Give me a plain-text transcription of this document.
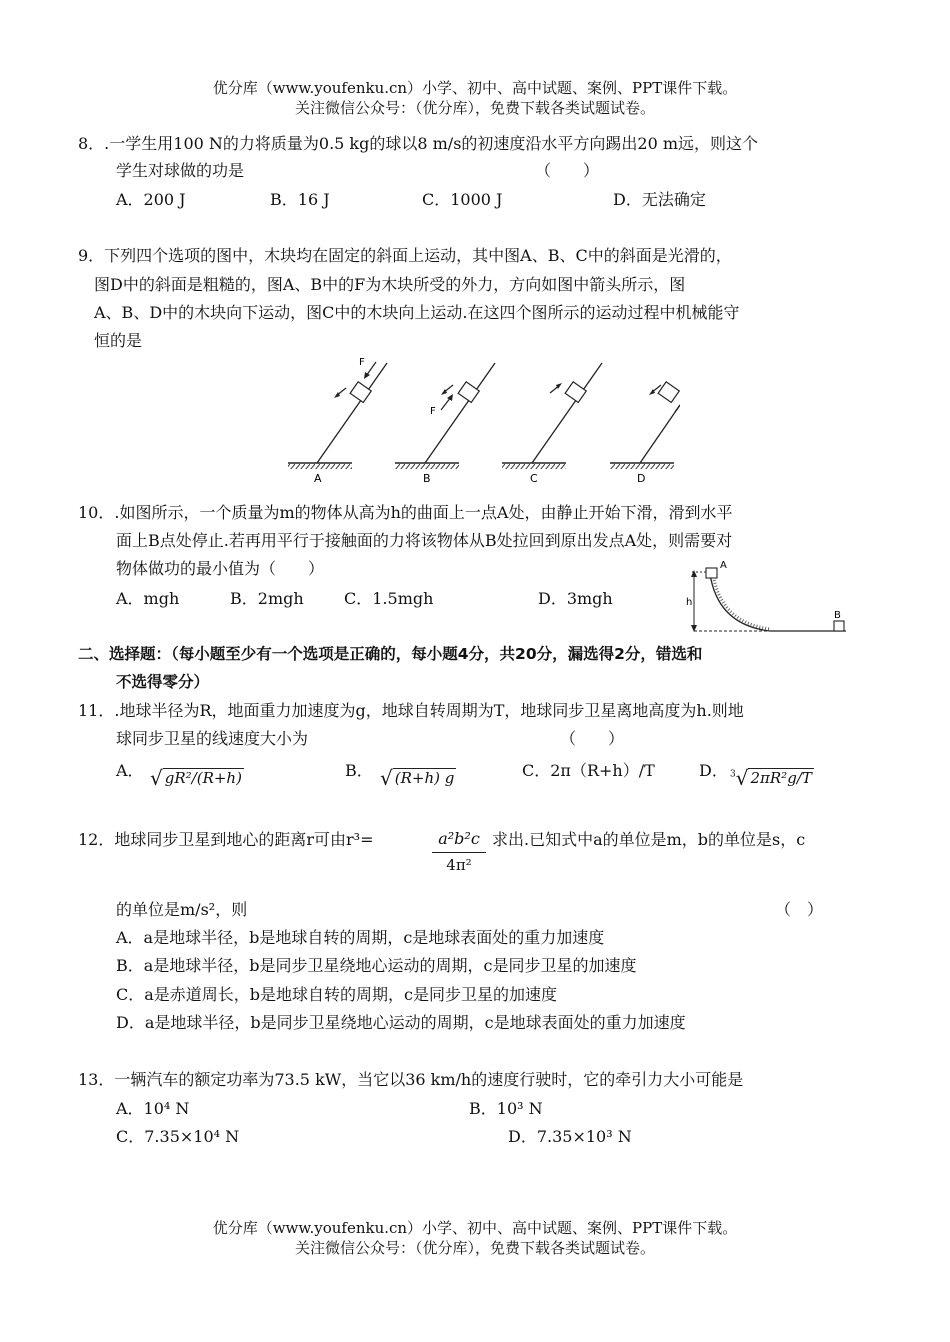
优分库（www.youfenku.cn）小学、初中、高中试题、案例、PPT课件下载。
关注微信公众号：（优分库），免费下载各类试题试卷。
8．.一学生用100 N的力将质量为0.5 kg的球以8 m/s的初速度沿水平方向踢出20 m远，则这个
学生对球做的功是	（　　）
A．200 J	B．16 J	C．1000 J	D．无法确定
9．下列四个选项的图中，木块均在固定的斜面上运动，其中图A、B、C中的斜面是光滑的，
图D中的斜面是粗糙的，图A、B中的F为木块所受的外力，方向如图中箭头所示，图
A、B、D中的木块向下运动，图C中的木块向上运动.在这四个图所示的运动过程中机械能守
恒的是
F
A
F
B	C	D
10．.如图所示，一个质量为m的物体从高为h的曲面上一点A处，由静止开始下滑，滑到水平
面上B点处停止.若再用平行于接触面的力将该物体从B处拉回到原出发点A处，则需要对
物体做功的最小值为（　　）
A．mgh	B．2mgh	C．1.5mgh	D．3mgh	h
A
B
二、选择题：（每小题至少有一个选项是正确的，每小题4分，共20分，漏选得2分，错选和
不选得零分）
11．.地球半径为R，地面重力加速度为g，地球自转周期为T，地球同步卫星离地高度为h.则地
球同步卫星的线速度大小为	（　　）
A． √ gR²/(R+h)	B． √ (R+h) g	C．2π（R+h）/T	D． $^3$√ 2πR²g/T
12．地球同步卫星到地心的距离r可由r³=	$\frac{\text{a²b²c}}{\text{4π²}}$ 求出.已知式中a的单位是m，b的单位是s，c
的单位是m/s²，则	（　）
A．a是地球半径，b是地球自转的周期，c是地球表面处的重力加速度
B．a是地球半径，b是同步卫星绕地心运动的周期，c是同步卫星的加速度
C．a是赤道周长，b是地球自转的周期，c是同步卫星的加速度
D．a是地球半径，b是同步卫星绕地心运动的周期，c是地球表面处的重力加速度
13．一辆汽车的额定功率为73.5 kW，当它以36 km/h的速度行驶时，它的牵引力大小可能是
A．10⁴ N	B．10³ N
C．7.35×10⁴ N	D．7.35×10³ N
优分库（www.youfenku.cn）小学、初中、高中试题、案例、PPT课件下载。
关注微信公众号：（优分库），免费下载各类试题试卷。
